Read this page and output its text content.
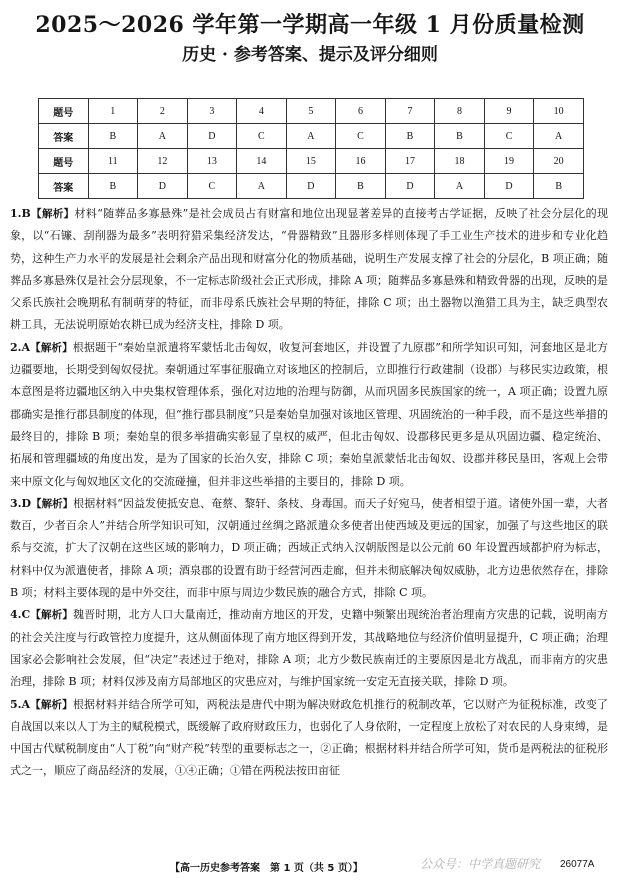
2025～2026 学年第一学期高一年级 1 月份质量检测
历史 · 参考答案、提示及评分细则
题号	1	2	3	4	5	6	7	8	9	10
答案	B	A	D	C	A	C	B	B	C	A
题号	11	12	13	14	15	16	17	18	19	20
答案	B	D	C	A	D	B	D	A	D	B

1.B【解析】材料“随葬品多寡悬殊”是社会成员占有财富和地位出现显著差异的直接考古学证据，反映了社会分层化的现象，以“石镰、刮削器为最多”表明狩猎采集经济发达，“骨器精致”且器形多样则体现了手工业生产技术的进步和专业化趋势，这种生产力水平的发展是社会剩余产品出现和财富分化的物质基础，说明生产发展支撑了社会的分层化，B 项正确；随葬品多寡悬殊仅是社会分层现象，不一定标志阶级社会正式形成，排除 A 项；随葬品多寡悬殊和精致骨器的出现，反映的是父系氏族社会晚期私有制萌芽的特征，而非母系氏族社会早期的特征，排除 C 项；出土器物以渔猎工具为主，缺乏典型农耕工具，无法说明原始农耕已成为经济支柱，排除 D 项。

2.A【解析】根据题干“秦始皇派遣将军蒙恬北击匈奴，收复河套地区，并设置了九原郡”和所学知识可知，河套地区是北方边疆要地，长期受到匈奴侵扰。秦朝通过军事征服确立对该地区的控制后，立即推行行政建制（设郡）与移民实边政策，根本意图是将边疆地区纳入中央集权管理体系，强化对边地的治理与防御，从而巩固多民族国家的统一，A 项正确；设置九原郡确实是推行郡县制度的体现，但“推行郡县制度”只是秦始皇加强对该地区管理、巩固统治的一种手段，而不是这些举措的最终目的，排除 B 项；秦始皇的很多举措确实彰显了皇权的威严，但北击匈奴、设郡移民更多是从巩固边疆、稳定统治、拓展和管理疆域的角度出发，是为了国家的长治久安，排除 C 项；秦始皇派蒙恬北击匈奴、设郡并移民垦田，客观上会带来中原文化与匈奴地区文化的交流碰撞，但并非这些举措的主要目的，排除 D 项。

3.D【解析】根据材料“因益发使抵安息、奄蔡、黎轩、条枝、身毒国。而天子好宛马，使者相望于道。诸使外国一辈，大者数百，少者百余人”并结合所学知识可知，汉朝通过丝绸之路派遣众多使者出使西域及更远的国家，加强了与这些地区的联系与交流，扩大了汉朝在这些区域的影响力，D 项正确；西域正式纳入汉朝版图是以公元前 60 年设置西域都护府为标志，材料中仅为派遣使者，排除 A 项；酒泉郡的设置有助于经营河西走廊，但并未彻底解决匈奴威胁，北方边患依然存在，排除 B 项；材料主要体现的是中外交往，而非中原与周边少数民族的融合方式，排除 C 项。

4.C【解析】魏晋时期，北方人口大量南迁，推动南方地区的开发，史籍中频繁出现统治者治理南方灾患的记载，说明南方的社会关注度与行政管控力度提升，这从侧面体现了南方地区得到开发，其战略地位与经济价值明显提升，C 项正确；治理国家必会影响社会发展，但“决定”表述过于绝对，排除 A 项；北方少数民族南迁的主要原因是北方战乱，而非南方的灾患治理，排除 B 项；材料仅涉及南方局部地区的灾患应对，与维护国家统一安定无直接关联，排除 D 项。

5.A【解析】根据材料并结合所学可知，两税法是唐代中期为解决财政危机推行的税制改革，它以财产为征税标准，改变了自战国以来以人丁为主的赋税模式，既缓解了政府财政压力，也弱化了人身依附，一定程度上放松了对农民的人身束缚，是中国古代赋税制度由“人丁税”向“财产税”转型的重要标志之一，②正确；根据材料并结合所学可知，货币是两税法的征税形式之一，顺应了商品经济的发展，①④正确；①错在两税法按田亩征

【高一历史参考答案　第 1 页（共 5 页）】	公众号：中学真题研究 26077A
